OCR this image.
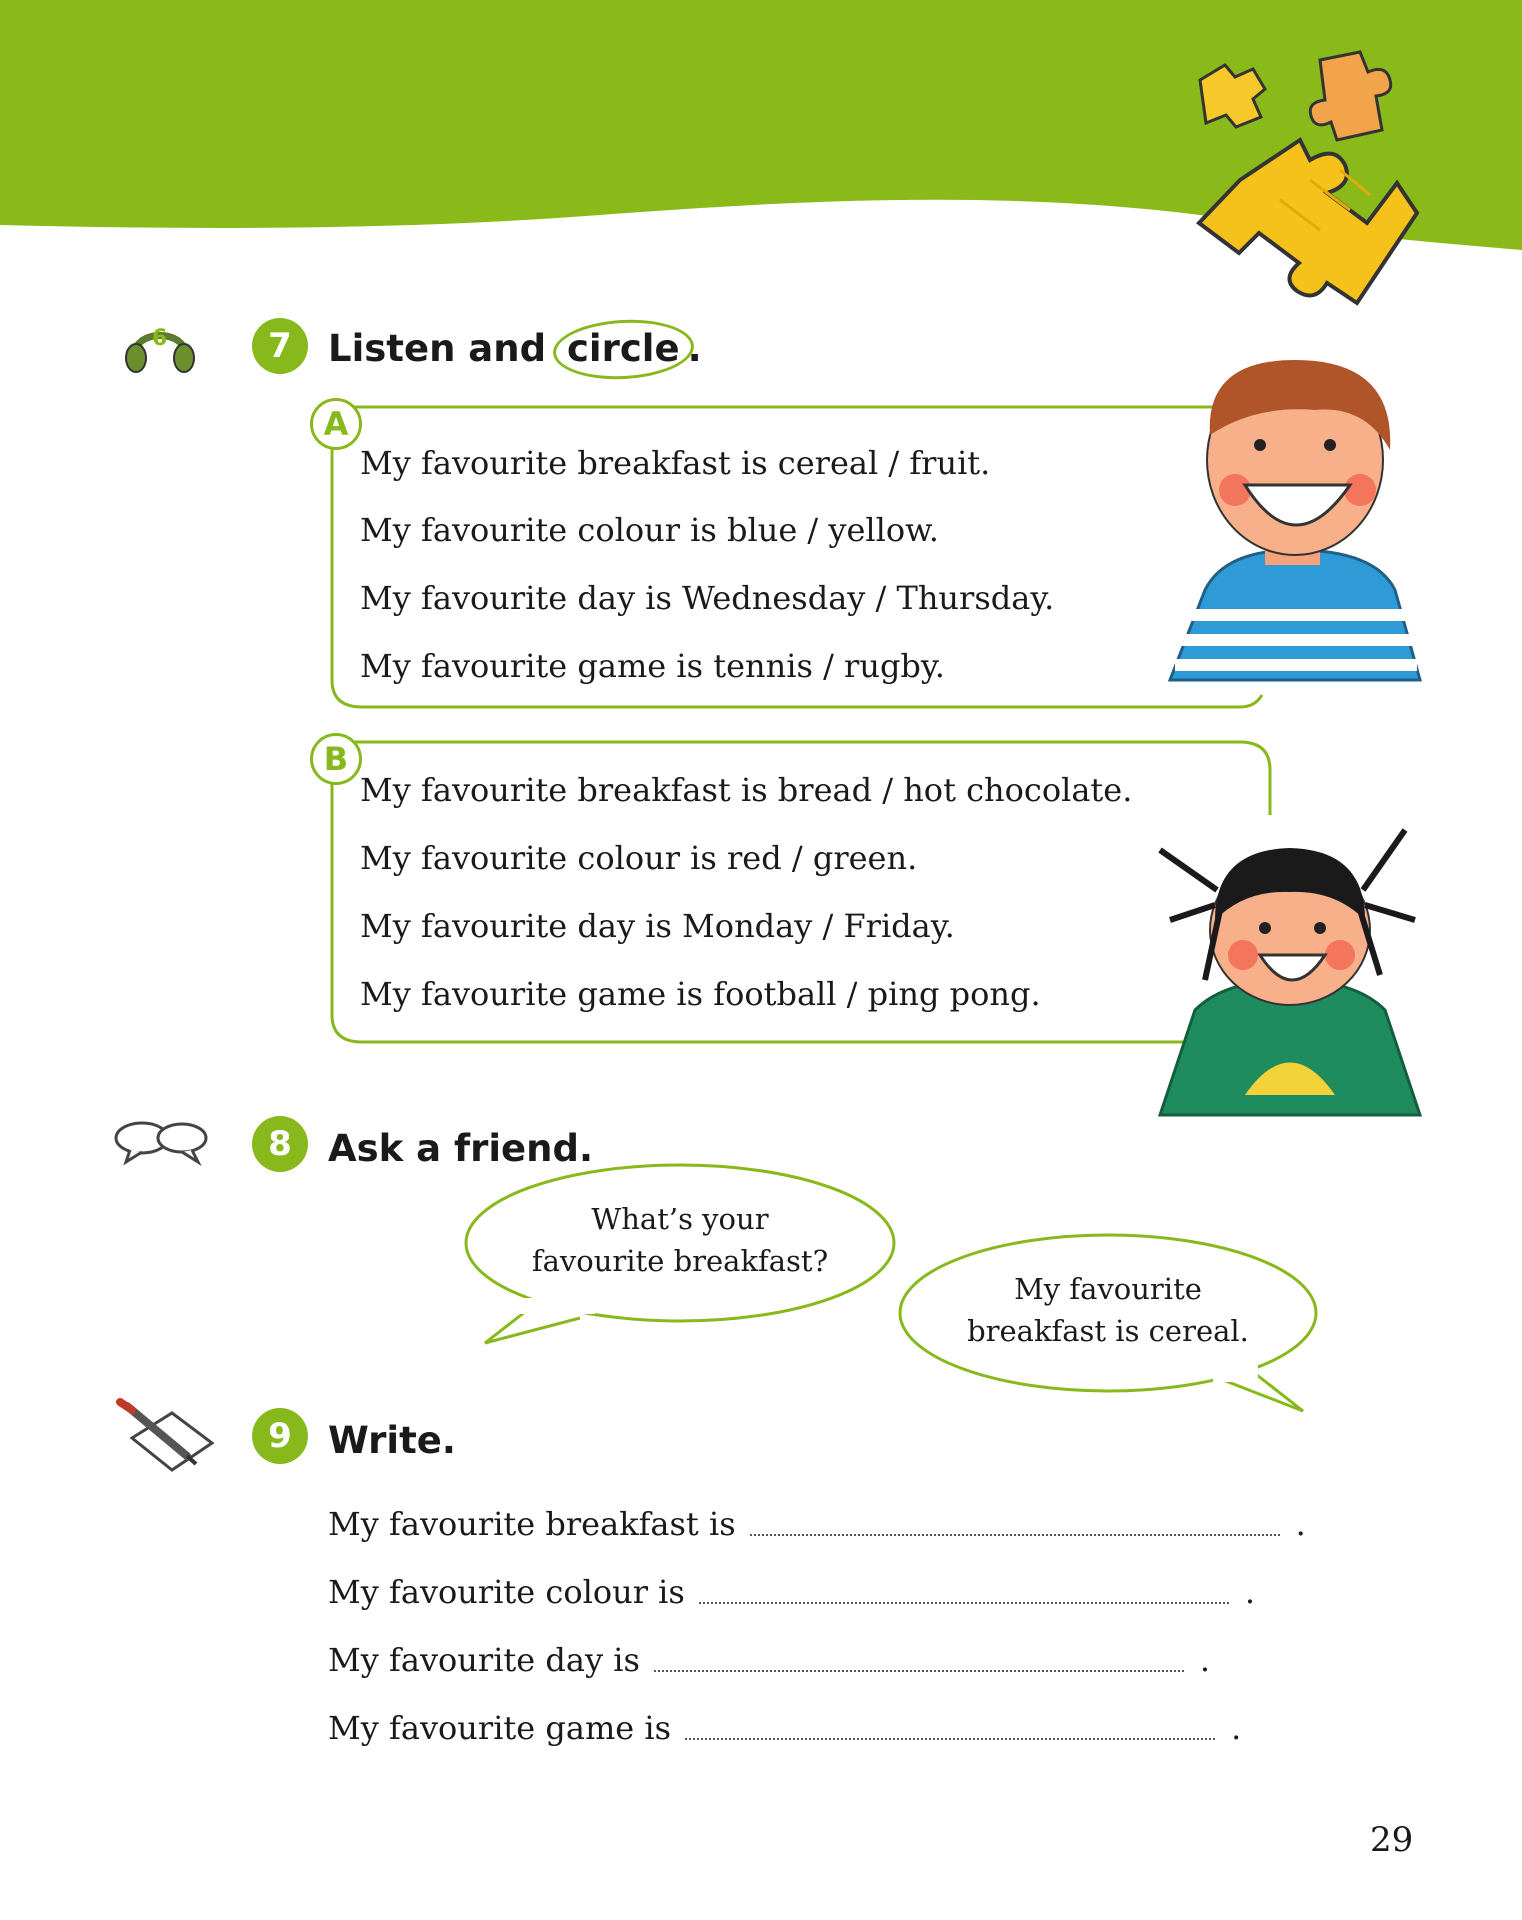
6	7 Listen and circle .
A
My favourite breakfast is cereal / fruit.
My favourite colour is blue / yellow.
My favourite day is Wednesday / Thursday.
My favourite game is tennis / rugby.
B
My favourite breakfast is bread / hot chocolate.
My favourite colour is red / green.
My favourite day is Monday / Friday.
My favourite game is football / ping pong.
8 Ask a friend.
What’s your
favourite breakfast?
My favourite
breakfast is cereal.
9 Write.
My favourite breakfast is	.
My favourite colour is	.
My favourite day is	.
My favourite game is	.
29
